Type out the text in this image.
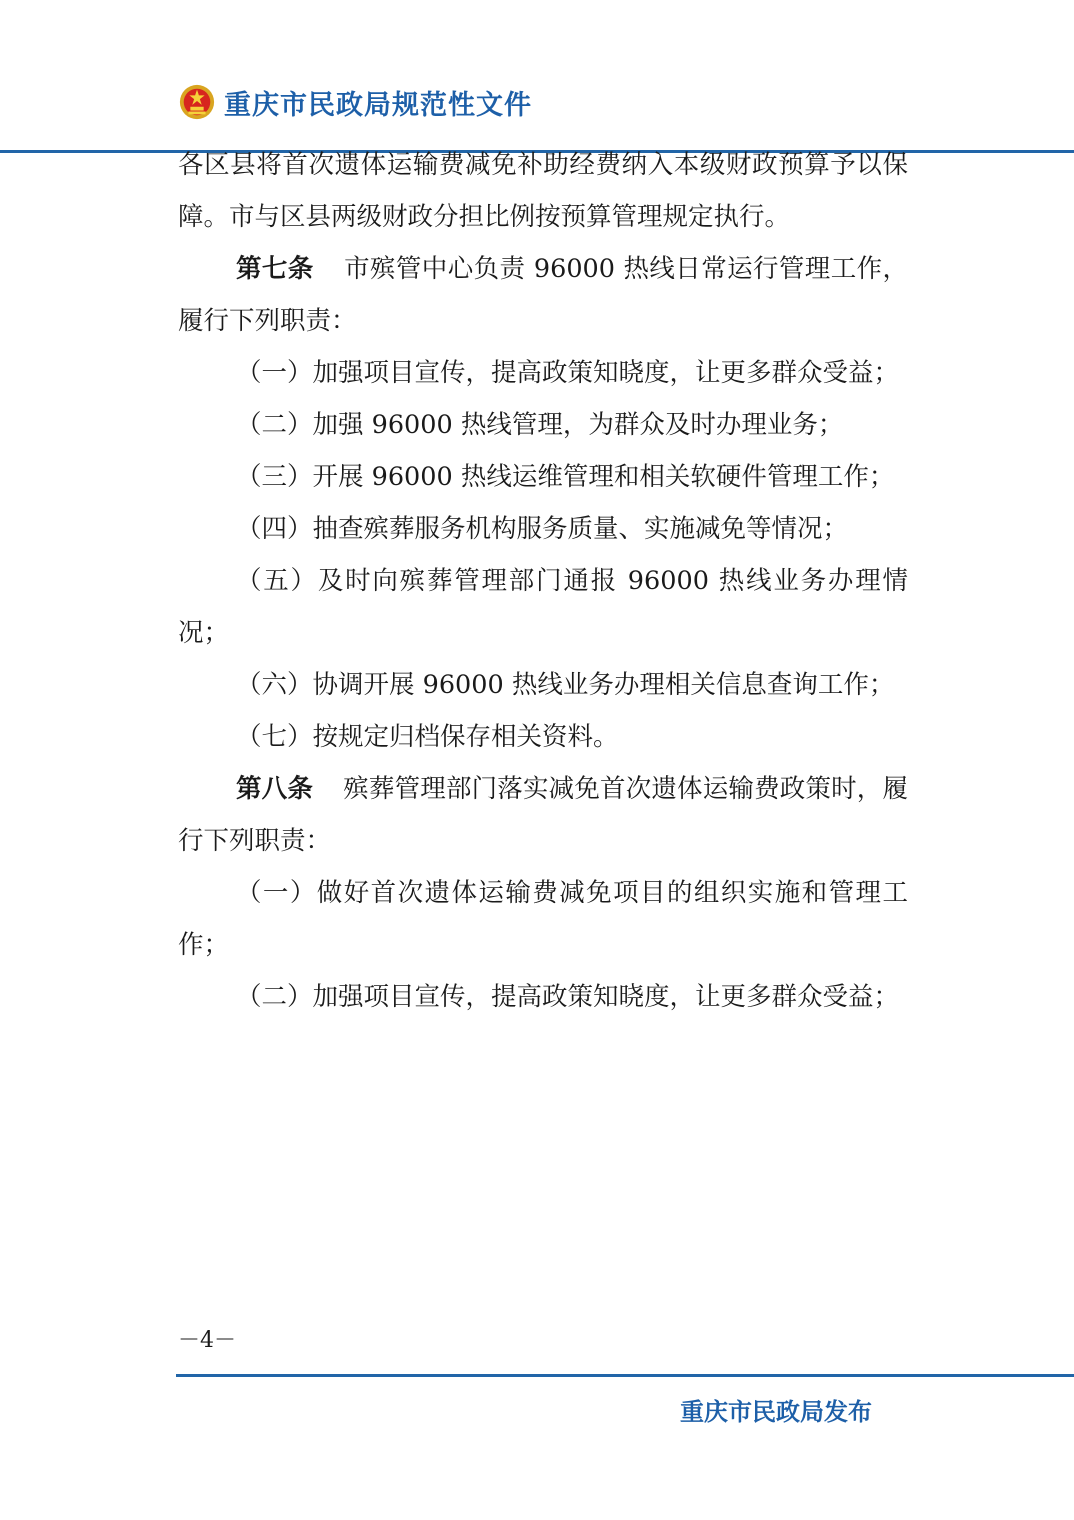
重庆市民政局规范性文件

各区县将首次遗体运输费减免补助经费纳入本级财政预算予以保障。市与区县两级财政分担比例按预算管理规定执行。

第七条 市殡管中心负责 96000 热线日常运行管理工作，履行下列职责：

（一）加强项目宣传，提高政策知晓度，让更多群众受益；

（二）加强 96000 热线管理，为群众及时办理业务；

（三）开展 96000 热线运维管理和相关软硬件管理工作；

（四）抽查殡葬服务机构服务质量、实施减免等情况；

（五）及时向殡葬管理部门通报 96000 热线业务办理情况；

（六）协调开展 96000 热线业务办理相关信息查询工作；

（七）按规定归档保存相关资料。

第八条 殡葬管理部门落实减免首次遗体运输费政策时，履行下列职责：

（一）做好首次遗体运输费减免项目的组织实施和管理工作；

（二）加强项目宣传，提高政策知晓度，让更多群众受益；

－4－
重庆市民政局发布
